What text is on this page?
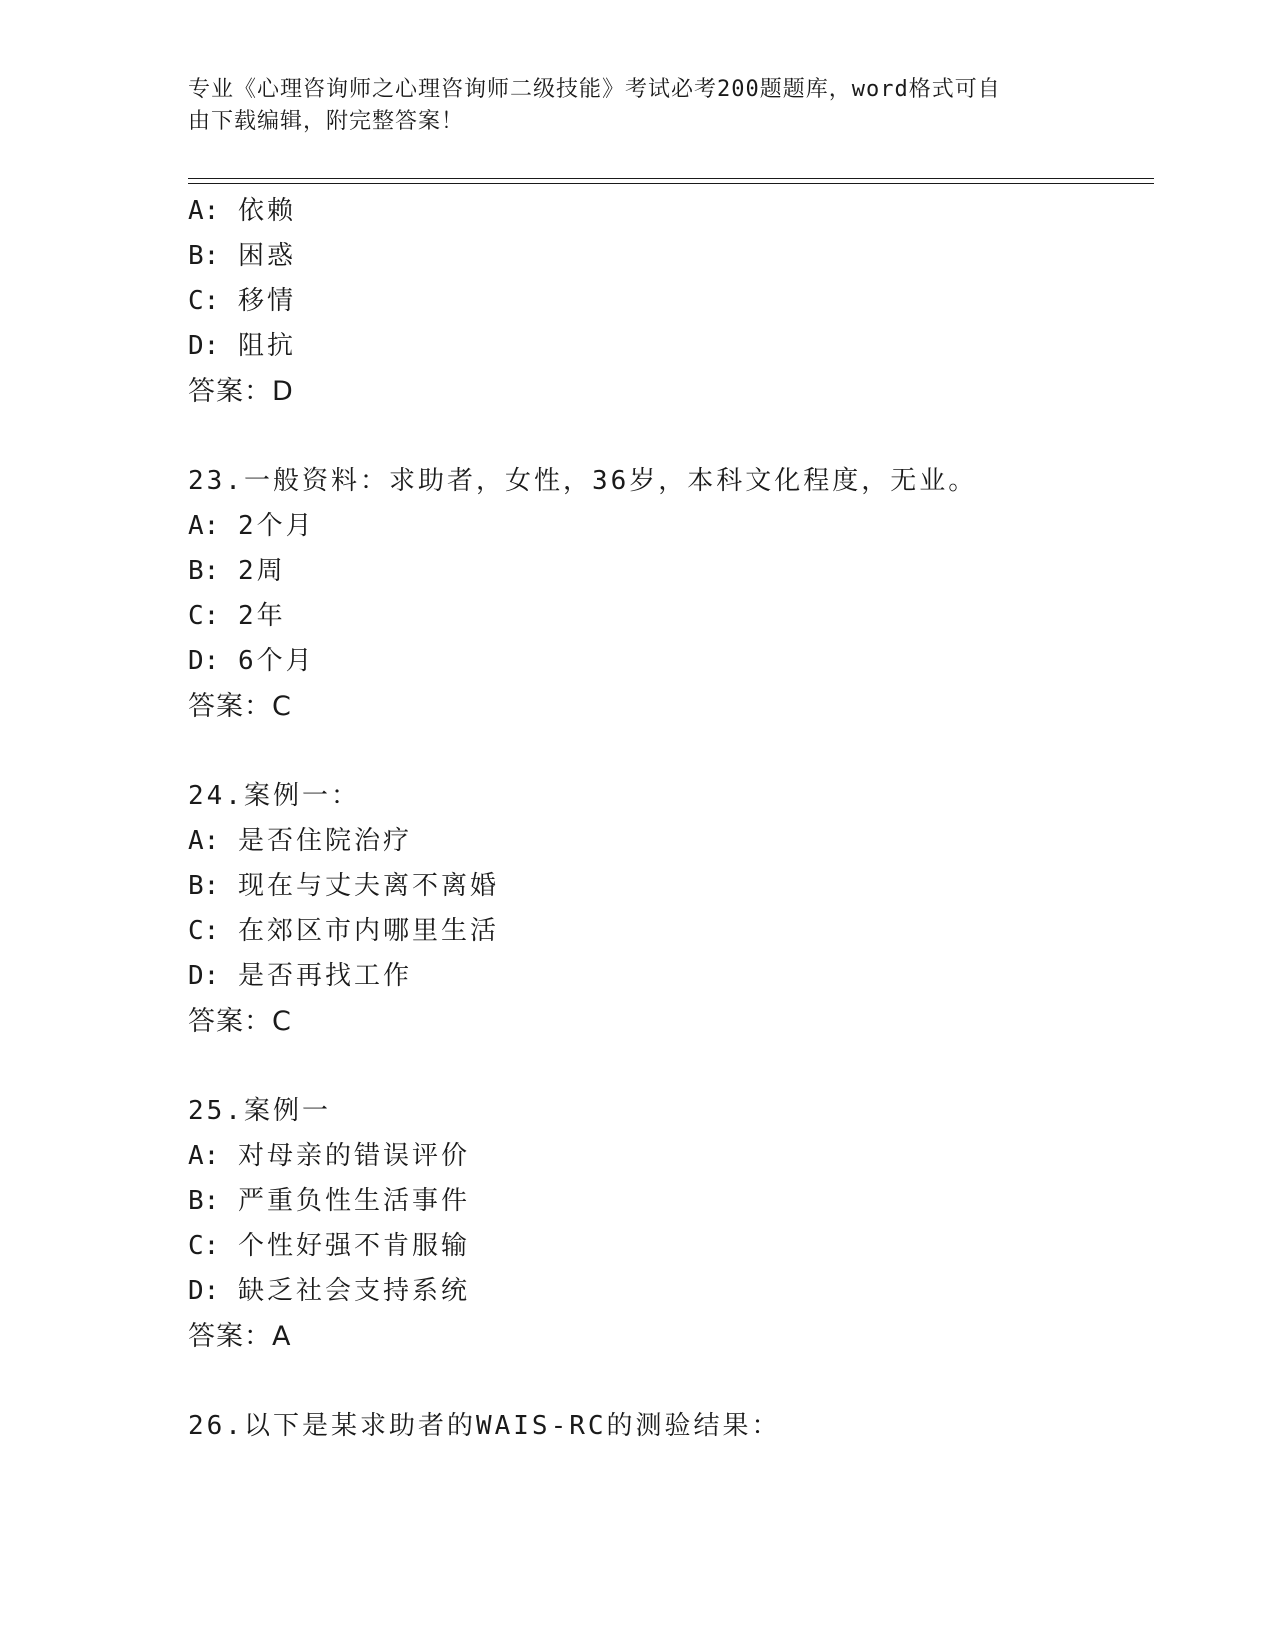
专业《心理咨询师之心理咨询师二级技能》考试必考200题题库，word格式可自
由下载编辑，附完整答案！
A: 依赖
B: 困惑
C: 移情
D: 阻抗
答案：D
23.一般资料：求助者，女性，36岁，本科文化程度，无业。
A: 2个月
B: 2周
C: 2年
D: 6个月
答案：C
24.案例一：
A: 是否住院治疗
B: 现在与丈夫离不离婚
C: 在郊区市内哪里生活
D: 是否再找工作
答案：C
25.案例一
A: 对母亲的错误评价
B: 严重负性生活事件
C: 个性好强不肯服输
D: 缺乏社会支持系统
答案：A
26.以下是某求助者的WAIS-RC的测验结果：
